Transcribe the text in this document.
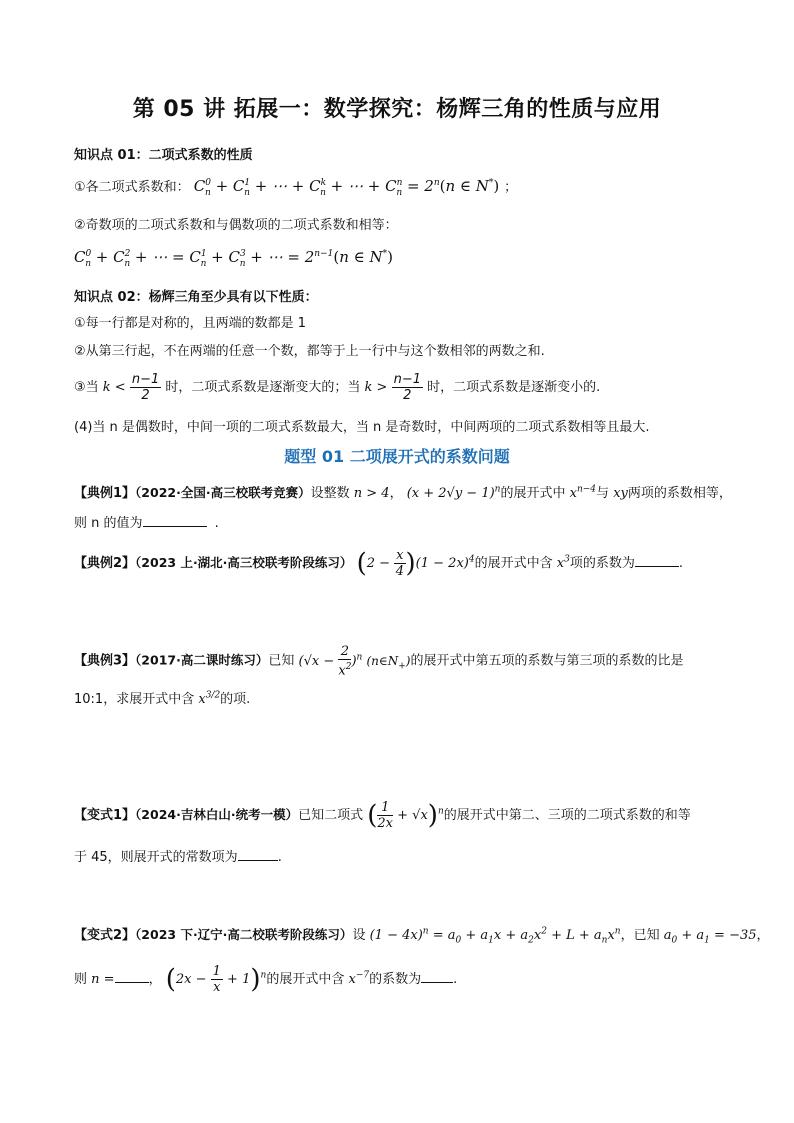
第 05 讲 拓展一：数学探究：杨辉三角的性质与应用
知识点 01：二项式系数的性质
①各二项式系数和： $C^0_n + C^1_n$ + ⋯ + $C^k_n$ + ⋯ + $C^n_n = 2^n(n$ ∈ N*) ；
②奇数项的二项式系数和与偶数项的二项式系数和相等：
$C^0_n + C^2_n$ + ⋯ = $C^1_n + C^3_n$ + ⋯ = $2^{n-1}(n$ ∈ N*)
知识点 02：杨辉三角至少具有以下性质：
①每一行都是对称的，且两端的数都是 1
②从第三行起，不在两端的任意一个数，都等于上一行中与这个数相邻的两数之和.
③当 $k < \frac{n-1}{2}$ 时，二项式系数是逐渐变大的；当 $k > \frac{n-1}{2}$ 时，二项式系数是逐渐变小的.
(4)当 n 是偶数时，中间一项的二项式系数最大，当 n 是奇数时，中间两项的二项式系数相等且最大.
题型 01 二项展开式的系数问题
【典例1】（2022·全国·高三校联考竞赛）设整数 n > 4， $(x + 2√y - 1)^n$的展开式中 $x^{n-4}$与 xy两项的系数相等，
则 n 的值为	.
【典例2】（2023 上·湖北·高三校联考阶段练习） $(2 - \frac{x}{4} )(1 - 2x)^4$的展开式中含 $x^3$项的系数为	.
【典例3】（2017·高二课时练习）已知 $(√x - \frac{2}{x^2} )^n$ $(n\in N_+)$的展开式中第五项的系数与第三项的系数的比是
10:1，求展开式中含 $x^{3/2}$的项.
【变式1】（2024·吉林白山·统考一模）已知二项式 ( $\frac{1}{2x} + √x)^n$的展开式中第二、三项的二项式系数的和等
于 45，则展开式的常数项为	.
【变式2】（2023 下·辽宁·高二校联考阶段练习）设 $(1 - 4x)^n = a_0 + a_1x + a_2x^2 + L + a_nx^n$，已知 $a_0 + a_1 = -35$，
则 n =	， $(2x - \frac{1}{x} + 1)^n$的展开式中含 $x^{-7}$的系数为 .
